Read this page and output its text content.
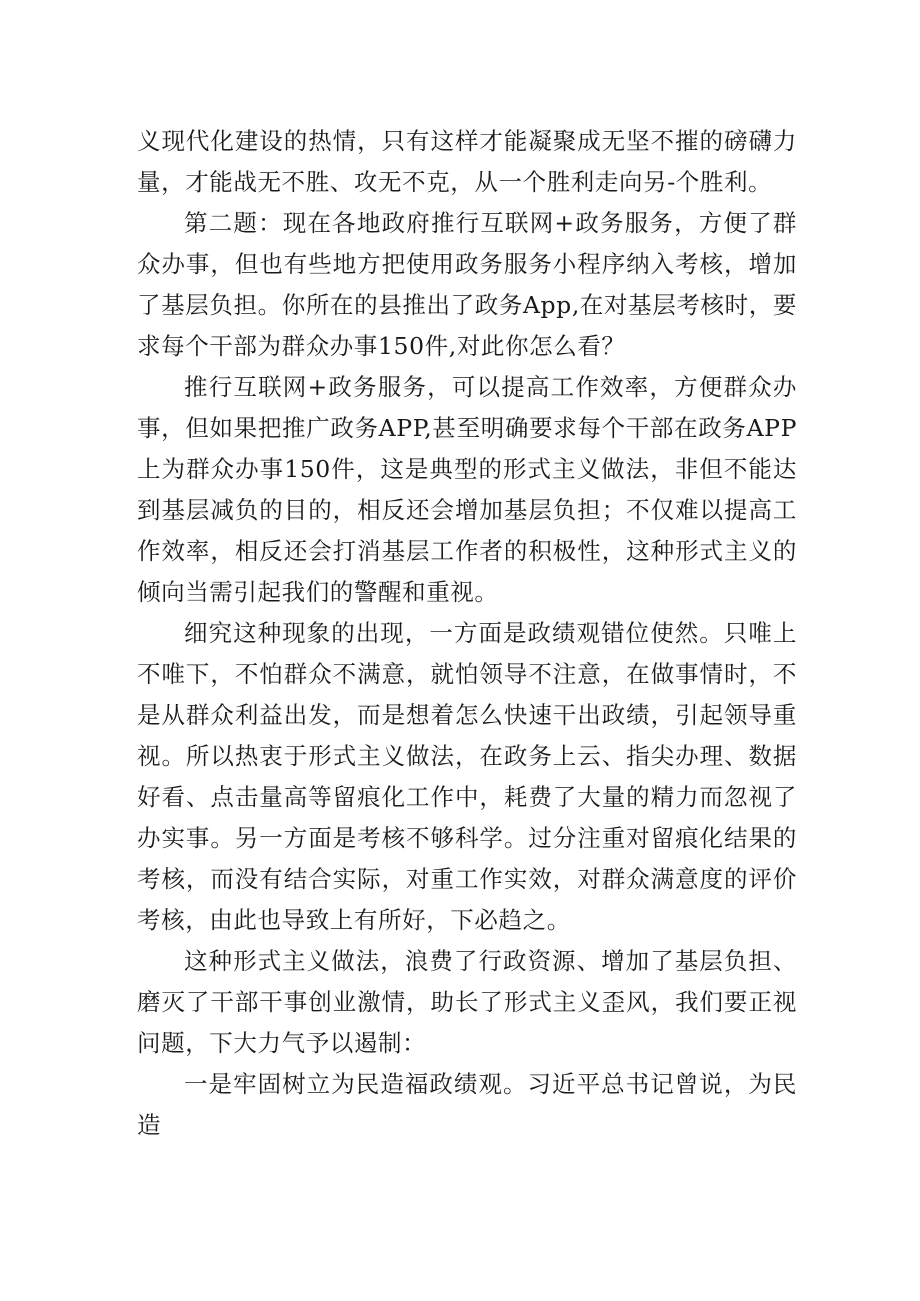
义现代化建设的热情，只有这样才能凝聚成无坚不摧的磅礴力量，才能战无不胜、攻无不克，从一个胜利走向另-个胜利。

第二题：现在各地政府推行互联网+政务服务，方便了群众办事，但也有些地方把使用政务服务小程序纳入考核，增加了基层负担。你所在的县推出了政务App,在对基层考核时，要求每个干部为群众办事150件,对此你怎么看？

推行互联网+政务服务，可以提高工作效率，方便群众办事，但如果把推广政务APP,甚至明确要求每个干部在政务APP上为群众办事150件，这是典型的形式主义做法，非但不能达到基层减负的目的，相反还会增加基层负担；不仅难以提高工作效率，相反还会打消基层工作者的积极性，这种形式主义的倾向当需引起我们的警醒和重视。

细究这种现象的出现，一方面是政绩观错位使然。只唯上不唯下，不怕群众不满意，就怕领导不注意，在做事情时，不是从群众利益出发，而是想着怎么快速干出政绩，引起领导重视。所以热衷于形式主义做法，在政务上云、指尖办理、数据好看、点击量高等留痕化工作中，耗费了大量的精力而忽视了办实事。另一方面是考核不够科学。过分注重对留痕化结果的考核，而没有结合实际，对重工作实效，对群众满意度的评价考核，由此也导致上有所好，下必趋之。

这种形式主义做法，浪费了行政资源、增加了基层负担、磨灭了干部干事创业激情，助长了形式主义歪风，我们要正视问题，下大力气予以遏制：

一是牢固树立为民造福政绩观。习近平总书记曾说，为民造
